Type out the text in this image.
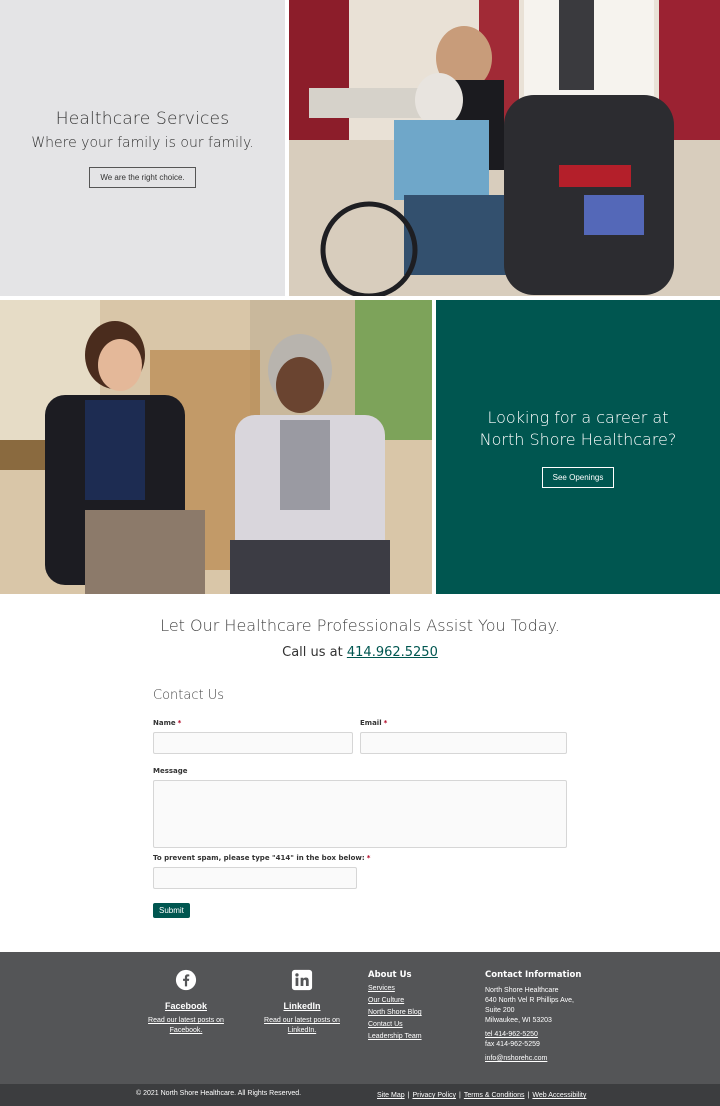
Healthcare Services
Where your family is our family.
We are the right choice.
Looking for a career at North Shore Healthcare?
See Openings
Let Our Healthcare Professionals Assist You Today.

Call us at 414.962.5250

Contact Us
Name *	Email *
Message
To prevent spam, please type "414" in the box below: *
Submit
Facebook
Read our latest posts on Facebook.
LinkedIn
Read our latest posts on LinkedIn.
About Us
Services
Our Culture
North Shore Blog
Contact Us
Leadership Team
Contact Information
North Shore Healthcare
640 North Vel R Phillips Ave,
Suite 200
Milwaukee, WI 53203
tel 414-962-5250
fax 414-962-5259
info@nshorehc.com
© 2021 North Shore Healthcare. All Rights Reserved.	Site Map | Privacy Policy | Terms & Conditions | Web Accessibility
